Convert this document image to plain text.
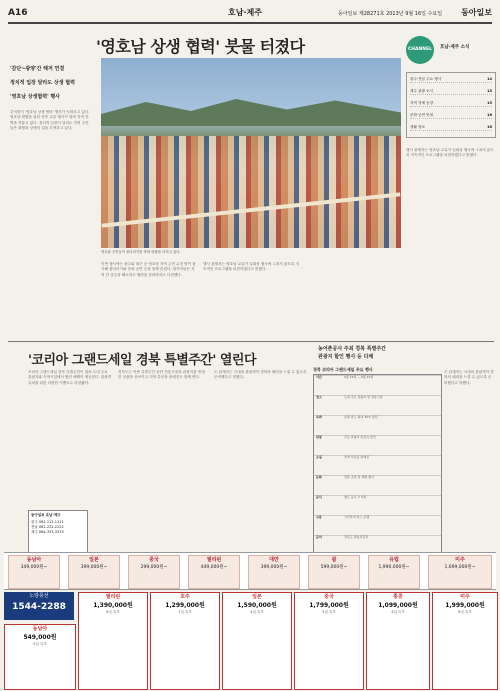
A16	호남·제주	동아일보 제28271호 2013년 9월 16일 수요일 동아일보
'영호남 상생 협력' 붓물 터졌다
'감단~광양'간 해저 연결
정치적 입장 달라도 상생 협력
'영호남 상생협력' 행사
추석맞이 '영호남 상생 협력' 행사가 잇따르고 있다. 영호남 화합을 위한 각종 교류 행사가 열려 지역 간 벽을 허물고 있다. 정치적 입장이 달라도 지역 주민들은 화합과 상생의 길을 모색하고 있다.
영호남 주민들이 줄다리기를 하며 화합을 다지고 있다.
이번 행사에는 광주와 대구 등 영호남 지역 주민 수천 명이 참가해 줄다리기와 문화 공연 등을 함께 즐겼다. 참가자들은 지역 간 갈등을 해소하고 협력을 강화하자고 다짐했다.
행사 관계자는 영호남 교류가 일회성 행사에 그치지 않도록 지속적인 프로그램을 마련하겠다고 밝혔다.
CHANNEL	호남·제주 소식
광주·전남 주요 행사	14
제주 관광 소식	15
지역 경제 동향	15
문화·공연 안내	16
생활 정보	16
행사 관계자는 영호남 교류가 일회성 행사에 그치지 않도록 지속적인 프로그램을 마련하겠다고 밝혔다.
'코리아 그랜드세일 경북 특별주간' 열린다
농어촌공사 주최 경북 특별주간
관광지 할인 행사 등 다채
코리아 그랜드세일 경북 특별주간이 열려 도내 주요 관광지와 숙박시설에서 할인 혜택이 제공된다. 관광객 유치를 위한 다양한 이벤트도 마련됐다.
경북도는 이번 특별주간 동안 전통시장과 관광지를 연계한 상품을 선보이고 지역 특산품 판매전도 함께 연다.
도 관계자는 국내외 관광객이 경북의 매력을 느낄 수 있도록 준비했다고 말했다.
경북 코리아 그랜드세일 주요 행사
기간	9월 16일 ~ 9월 22일
장소	도내 주요 관광지 및 전통시장
숙박	호텔·콘도 최대 30% 할인
관광	주요 관광지 입장료 할인
쇼핑	지역 특산품 판매전
문화	전통 공연 및 체험 행사
음식	향토 음식 시식회
교통	시티투어 버스 운행
문의	경북도 관광진흥과
도 관계자는 국내외 관광객이 경북의 매력을 느낄 수 있도록 준비했다고 말했다.
동아일보 호남·제주
광주 062-111-1111
전남 061-222-2222
제주 064-333-3333
동남아
349,000원~
일본
399,000원~
중국
299,000원~
필리핀
449,000원~
대만
399,000원~
괌
599,000원~
유럽
1,990,000원~
미주
1,699,000원~
노랑풍선
1544-2288
동남아
549,000원
5일 특가
필리핀
1,390,000원
6일 특가
호주
1,299,000원
7일 특가
일본
1,590,000원
4일 특가
중국
1,799,000원
5일 특가
홍콩
1,099,000원
4일 특가
미주
1,999,000원
8일 특가
